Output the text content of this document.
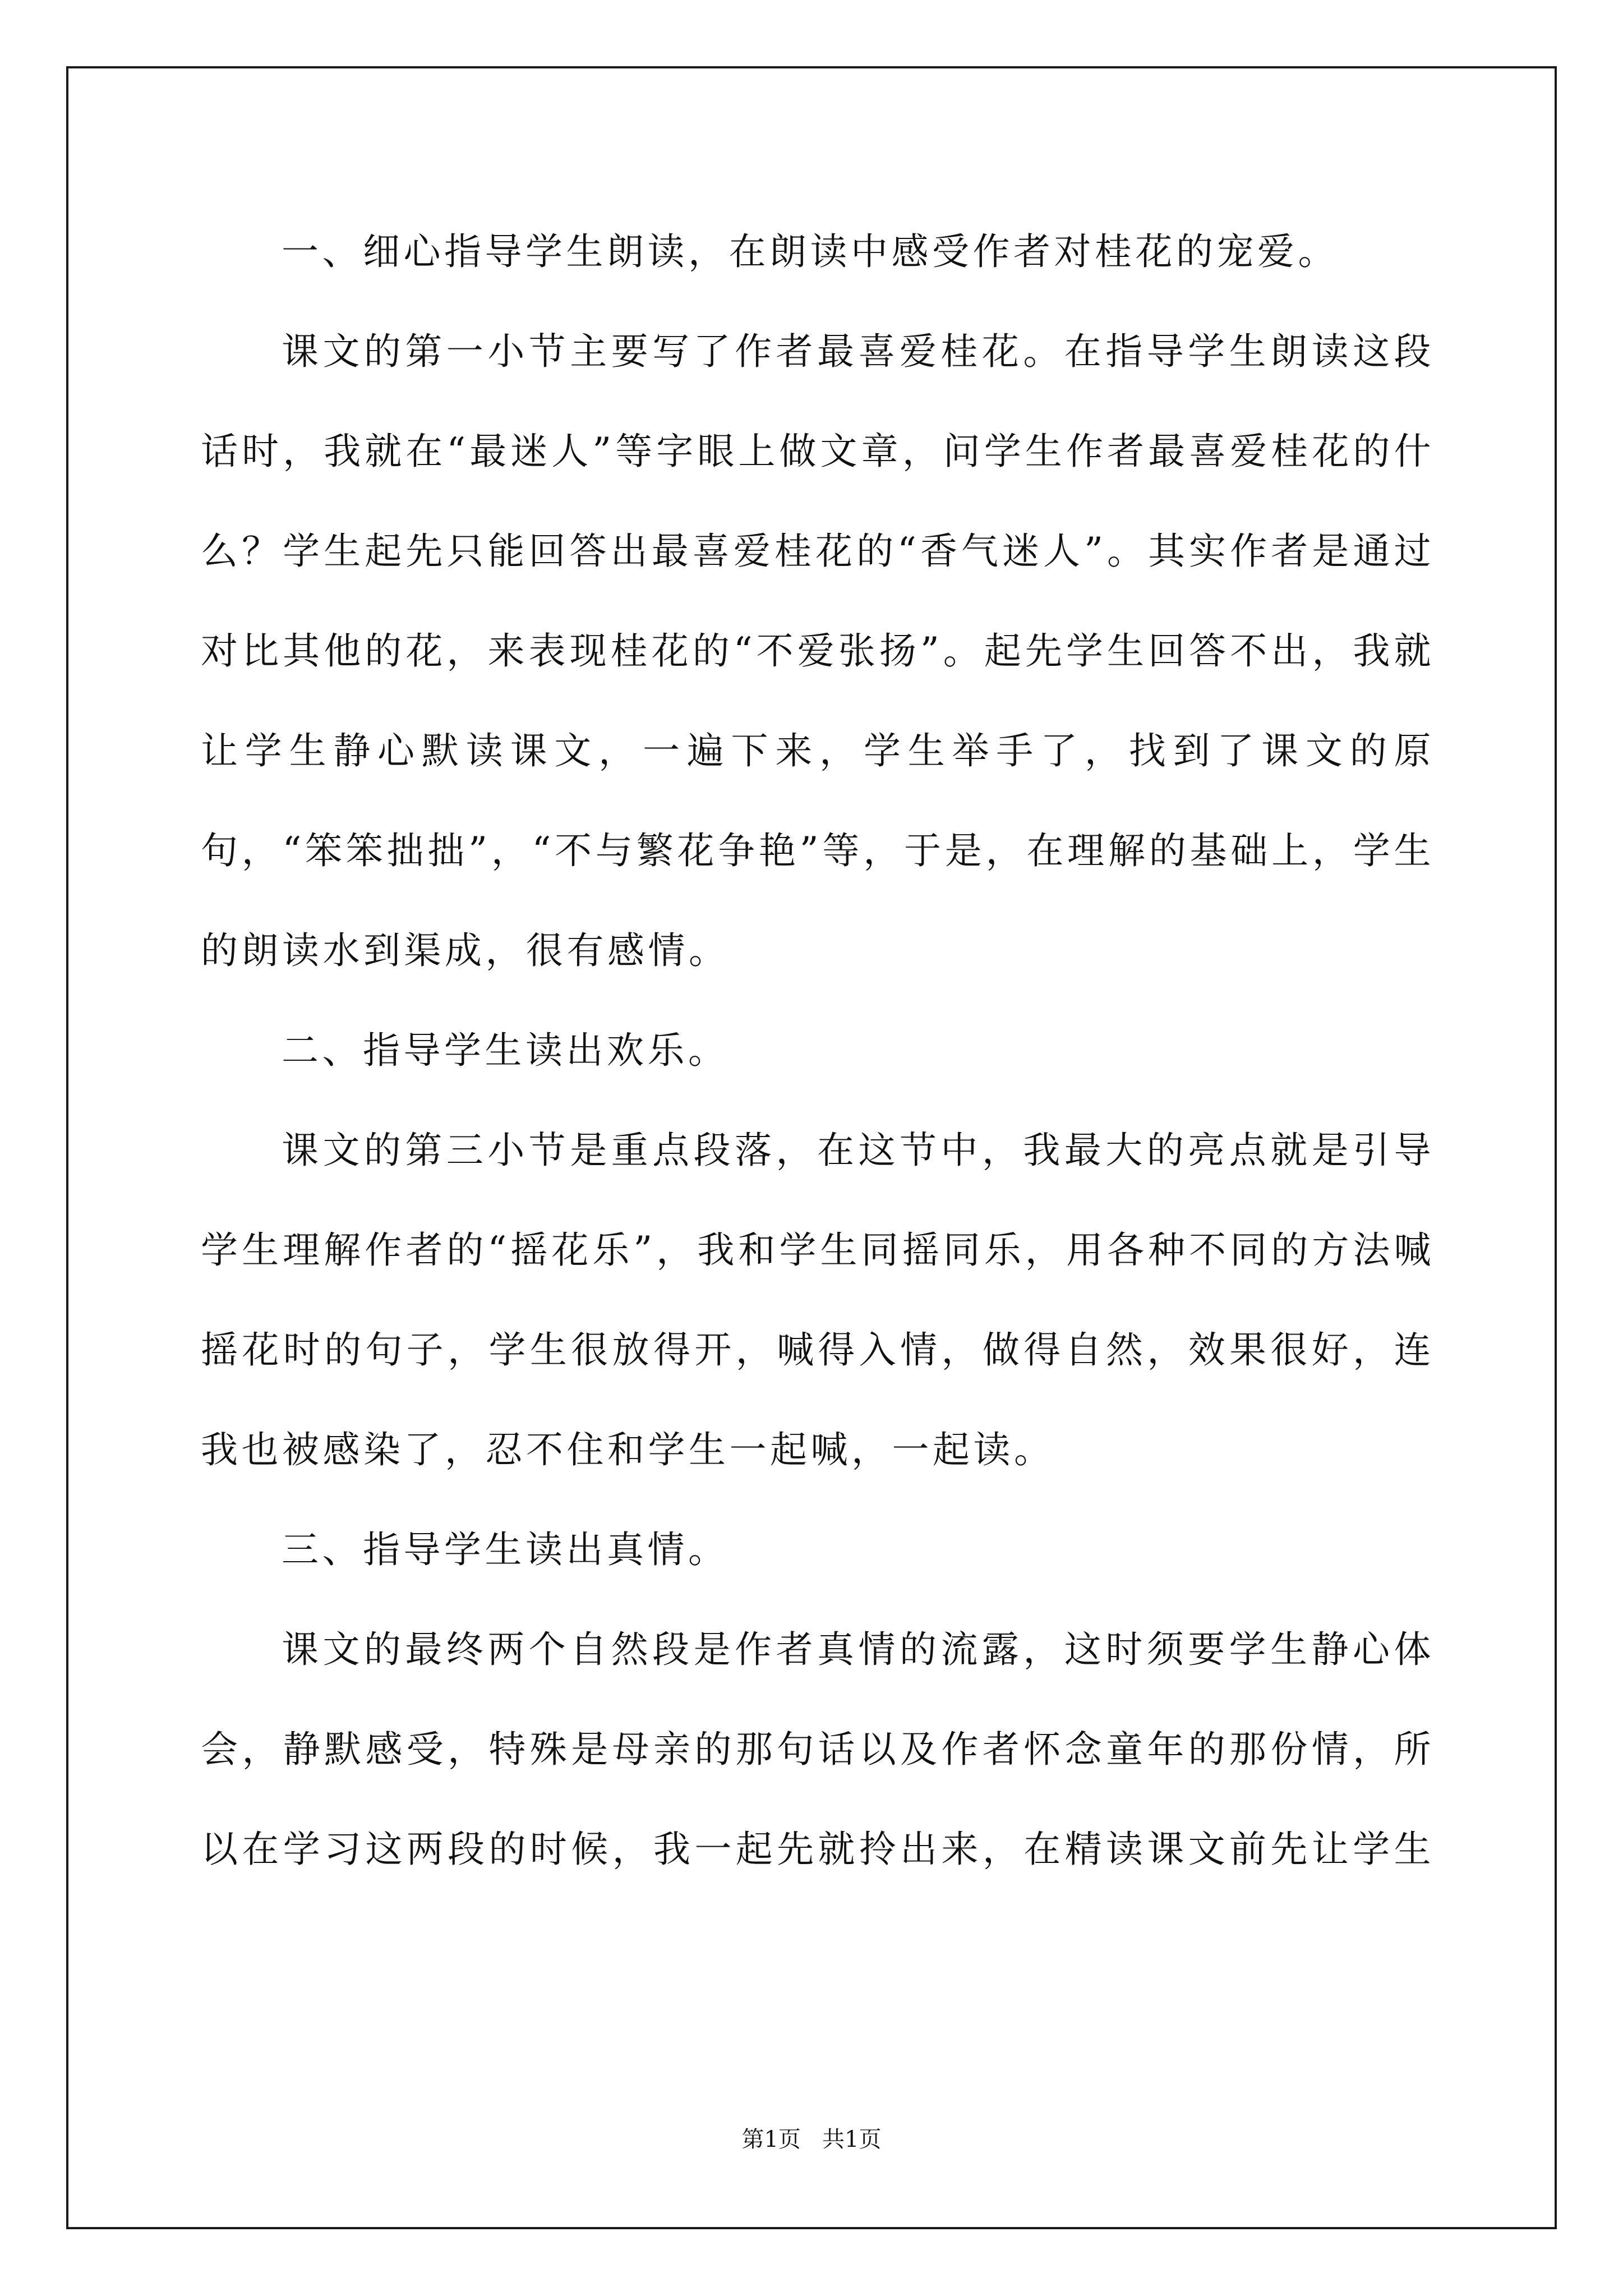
一、细心指导学生朗读，在朗读中感受作者对桂花的宠爱。

课文的第一小节主要写了作者最喜爱桂花。在指导学生朗读这段话时，我就在“最迷人”等字眼上做文章，问学生作者最喜爱桂花的什么？学生起先只能回答出最喜爱桂花的“香气迷人”。其实作者是通过对比其他的花，来表现桂花的“不爱张扬”。起先学生回答不出，我就让学生静心默读课文，一遍下来，学生举手了，找到了课文的原句，“笨笨拙拙”，“不与繁花争艳”等，于是，在理解的基础上，学生的朗读水到渠成，很有感情。

二、指导学生读出欢乐。

课文的第三小节是重点段落，在这节中，我最大的亮点就是引导学生理解作者的“摇花乐”，我和学生同摇同乐，用各种不同的方法喊摇花时的句子，学生很放得开，喊得入情，做得自然，效果很好，连我也被感染了，忍不住和学生一起喊，一起读。

三、指导学生读出真情。

课文的最终两个自然段是作者真情的流露，这时须要学生静心体会，静默感受，特殊是母亲的那句话以及作者怀念童年的那份情，所以在学习这两段的时候，我一起先就拎出来，在精读课文前先让学生

第1页   共1页
